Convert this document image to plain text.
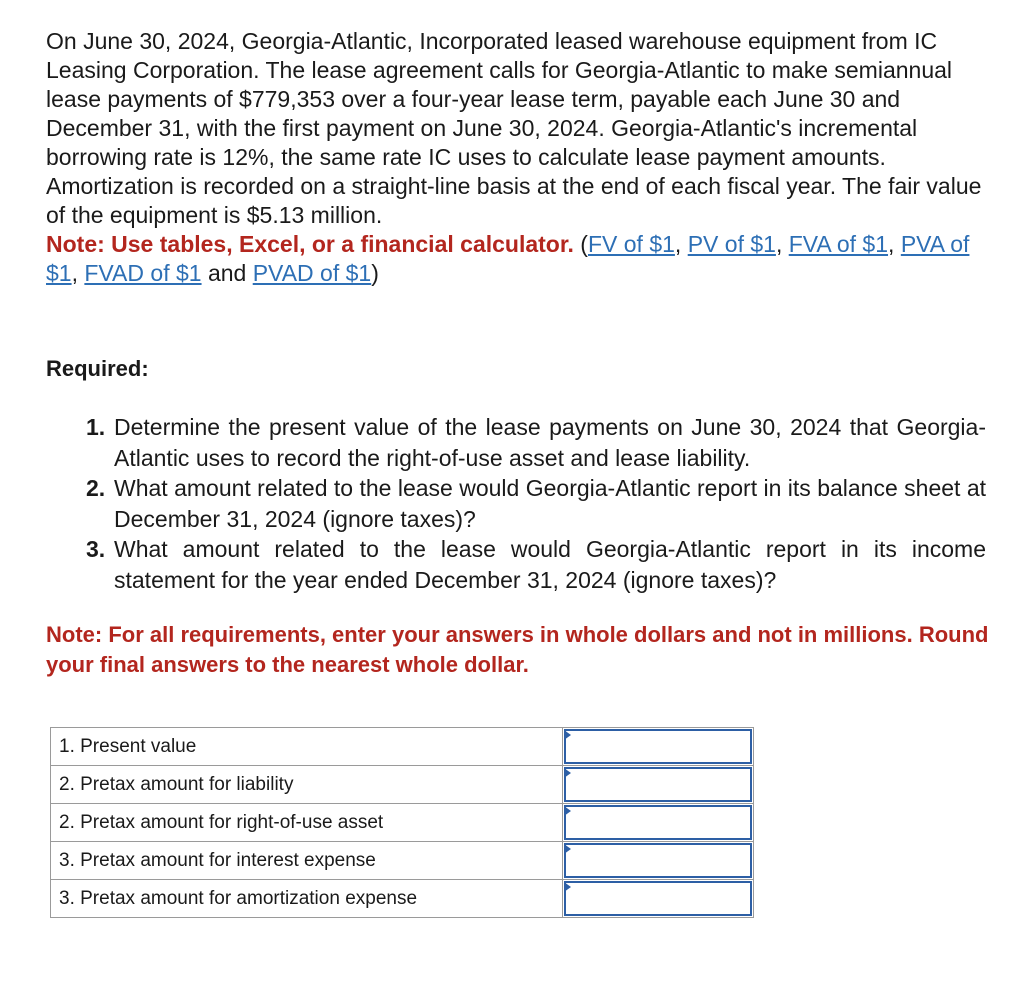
On June 30, 2024, Georgia-Atlantic, Incorporated leased warehouse equipment from IC Leasing Corporation. The lease agreement calls for Georgia-Atlantic to make semiannual lease payments of $779,353 over a four-year lease term, payable each June 30 and December 31, with the first payment on June 30, 2024. Georgia-Atlantic's incremental borrowing rate is 12%, the same rate IC uses to calculate lease payment amounts. Amortization is recorded on a straight-line basis at the end of each fiscal year. The fair value of the equipment is $5.13 million.

Note: Use tables, Excel, or a financial calculator. (FV of $1, PV of $1, FVA of $1, PVA of $1, FVAD of $1 and PVAD of $1)

Required:

1. Determine the present value of the lease payments on June 30, 2024 that Georgia-Atlantic uses to record the right-of-use asset and lease liability.
2. What amount related to the lease would Georgia-Atlantic report in its balance sheet at December 31, 2024 (ignore taxes)?
3. What amount related to the lease would Georgia-Atlantic report in its income statement for the year ended December 31, 2024 (ignore taxes)?

Note: For all requirements, enter your answers in whole dollars and not in millions. Round your final answers to the nearest whole dollar.

1. Present value	

2. Pretax amount for liability	

2. Pretax amount for right-of-use asset	

3. Pretax amount for interest expense	

3. Pretax amount for amortization expense	
